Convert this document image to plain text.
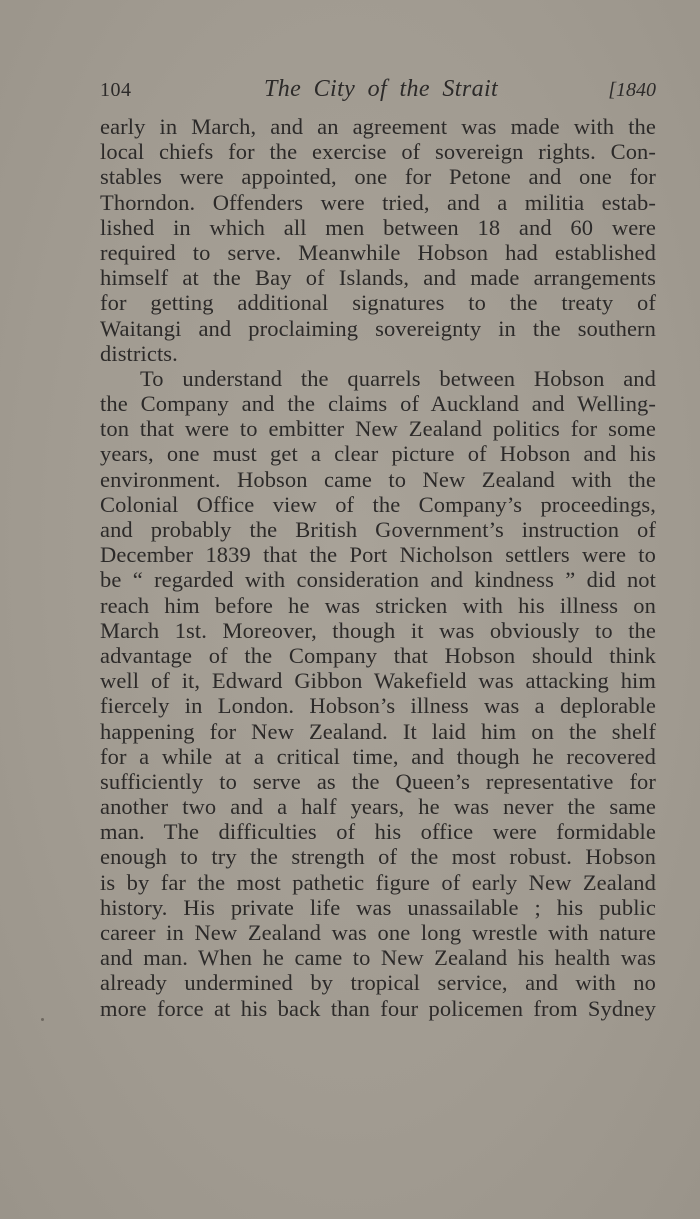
104	The City of the Strait	[1840
early in March, and an agreement was made with the
local chiefs for the exercise of sovereign rights. Con-
stables were appointed, one for Petone and one for
Thorndon. Offenders were tried, and a militia estab-
lished in which all men between 18 and 60 were
required to serve. Meanwhile Hobson had established
himself at the Bay of Islands, and made arrangements
for getting additional signatures to the treaty of
Waitangi and proclaiming sovereignty in the southern
districts.
To understand the quarrels between Hobson and
the Company and the claims of Auckland and Welling-
ton that were to embitter New Zealand politics for some
years, one must get a clear picture of Hobson and his
environment. Hobson came to New Zealand with the
Colonial Office view of the Company’s proceedings,
and probably the British Government’s instruction of
December 1839 that the Port Nicholson settlers were to
be “ regarded with consideration and kindness ” did not
reach him before he was stricken with his illness on
March 1st. Moreover, though it was obviously to the
advantage of the Company that Hobson should think
well of it, Edward Gibbon Wakefield was attacking him
fiercely in London. Hobson’s illness was a deplorable
happening for New Zealand. It laid him on the shelf
for a while at a critical time, and though he recovered
sufficiently to serve as the Queen’s representative for
another two and a half years, he was never the same
man. The difficulties of his office were formidable
enough to try the strength of the most robust. Hobson
is by far the most pathetic figure of early New Zealand
history. His private life was unassailable ; his public
career in New Zealand was one long wrestle with nature
and man. When he came to New Zealand his health was
already undermined by tropical service, and with no
more force at his back than four policemen from Sydney
